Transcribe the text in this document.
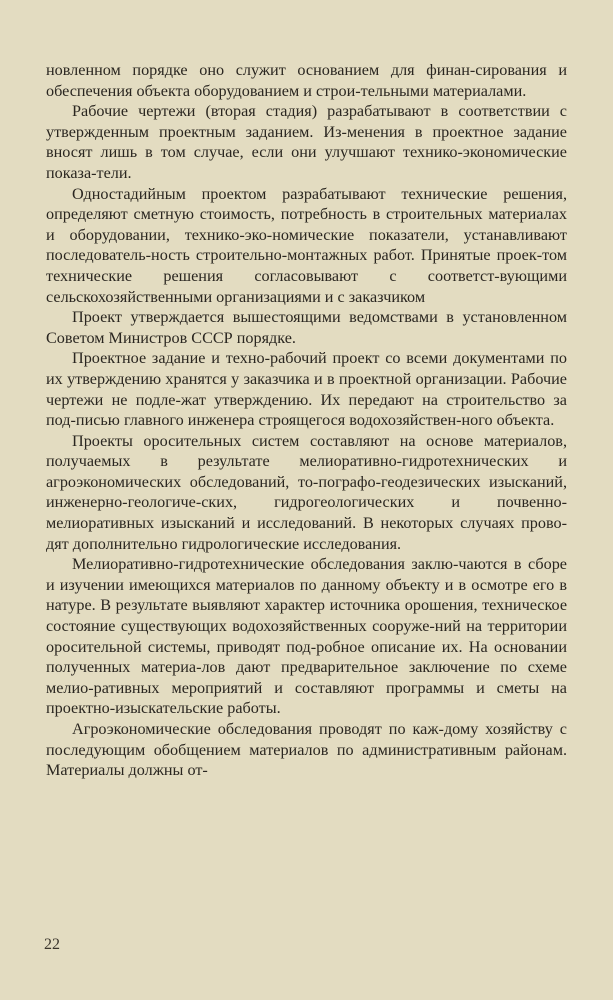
новленном порядке оно служит основанием для финан-сирования и обеспечения объекта оборудованием и строи-тельными материалами.

Рабочие чертежи (вторая стадия) разрабатывают в соответствии с утвержденным проектным заданием. Из-менения в проектное задание вносят лишь в том случае, если они улучшают технико-экономические показа-тели.

Одностадийным проектом разрабатывают технические решения, определяют сметную стоимость, потребность в строительных материалах и оборудовании, технико-эко-номические показатели, устанавливают последователь-ность строительно-монтажных работ. Принятые проек-том технические решения согласовывают с соответст-вующими сельскохозяйственными организациями и с заказчиком

Проект утверждается вышестоящими ведомствами в установленном Советом Министров СССР порядке.

Проектное задание и техно-рабочий проект со всеми документами по их утверждению хранятся у заказчика и в проектной организации. Рабочие чертежи не подле-жат утверждению. Их передают на строительство за под-писью главного инженера строящегося водохозяйствен-ного объекта.

Проекты оросительных систем составляют на основе материалов, получаемых в результате мелиоративно-гидротехнических и агроэкономических обследований, то-пографо-геодезических изысканий, инженерно-геологиче-ских, гидрогеологических и почвенно-мелиоративных изысканий и исследований. В некоторых случаях прово-дят дополнительно гидрологические исследования.

Мелиоративно-гидротехнические обследования заклю-чаются в сборе и изучении имеющихся материалов по данному объекту и в осмотре его в натуре. В результате выявляют характер источника орошения, техническое состояние существующих водохозяйственных сооруже-ний на территории оросительной системы, приводят под-робное описание их. На основании полученных материа-лов дают предварительное заключение по схеме мелио-ративных мероприятий и составляют программы и сметы на проектно-изыскательские работы.

Агроэкономические обследования проводят по каж-дому хозяйству с последующим обобщением материалов по административным районам. Материалы должны от-

22
